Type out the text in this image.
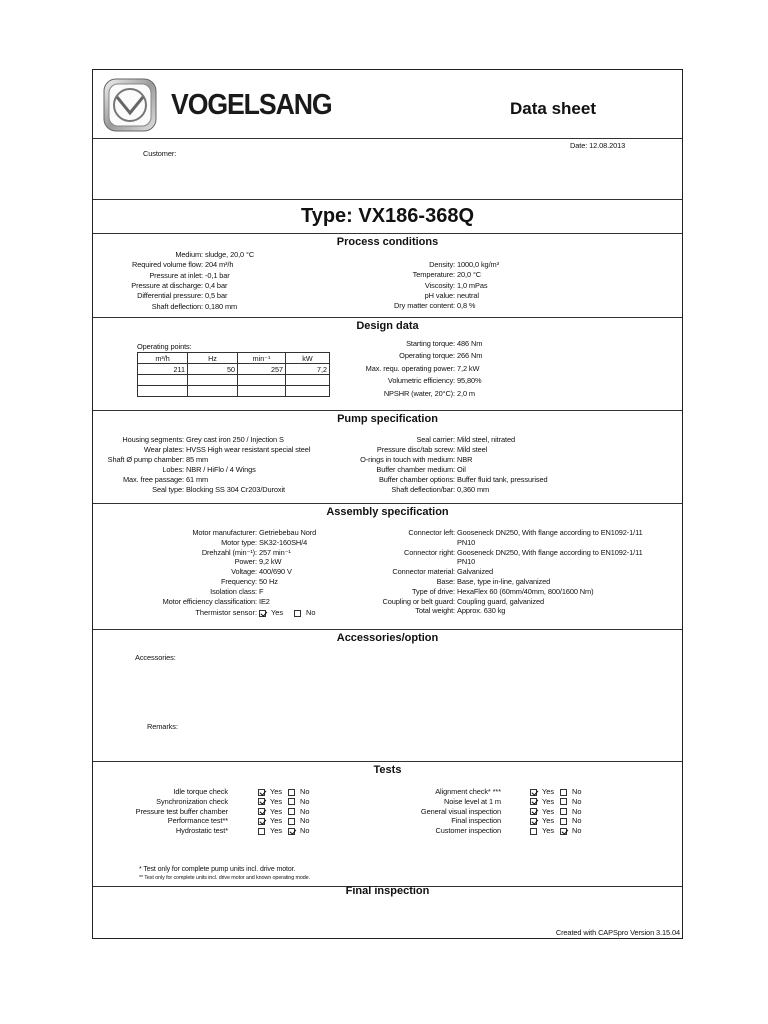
VOGELSANG	Data sheet
Date: 12.08.2013
Customer:
Type: VX186-368Q
Process conditions
Medium: sludge, 20,0 °C
Required volume flow: 204 m³/h
Pressure at inlet: -0,1 bar
Pressure at discharge: 0,4 bar
Differential pressure: 0,5 bar
Shaft deflection: 0,180 mm
Density: 1000,0 kg/m³
Temperature: 20,0 °C
Viscosity: 1,0 mPas
pH value: neutral
Dry matter content: 0,8 %
Design data
Operating points:
m³/h	Hz	min⁻¹	kW
211	50	257	7,2

Starting torque: 486 Nm
Operating torque: 266 Nm
Max. requ. operating power: 7,2 kW
Volumetric efficiency: 95,80%
NPSHR (water, 20°C): 2,0 m
Pump specification
Housing segments: Grey cast iron 250 / Injection S
Wear plates: HVSS High wear resistant special steel
Shaft Ø pump chamber: 85 mm
Lobes: NBR / HiFlo / 4 Wings
Max. free passage: 61 mm
Seal type: Blocking SS 304 Cr203/Duroxit
Seal carrier: Mild steel, nitrated
Pressure disc/tab screw: Mild steel
O-rings in touch with medium: NBR
Buffer chamber medium: Oil
Buffer chamber options: Buffer fluid tank, pressurised
Shaft deflection/bar: 0,360 mm
Assembly specification
Motor manufacturer: Getriebebau Nord
Motor type: SK32-160SH/4
Drehzahl (min⁻¹): 257 min⁻¹
Power: 9,2 kW
Voltage: 400/690 V
Frequency: 50 Hz
Isolation class: F
Motor efficiency classification: IE2
Thermistor sensor:	Yes	No
Connector left: Gooseneck DN250, With flange according to EN1092-1/11
PN10
Connector right: Gooseneck DN250, With flange according to EN1092-1/11
PN10
Connector material: Galvanized
Base: Base, type in-line, galvanized
Type of drive: HexaFlex 60 (60mm/40mm, 800/1600 Nm)
Coupling or belt guard: Coupling guard, galvanized
Total weight: Approx. 630 kg
Accessories/option
Accessories:
Remarks:
Tests
Idle torque check	Yes No
Synchronization check	Yes No
Pressure test buffer chamber	Yes No
Performance test**	Yes No
Hydrostatic test*	Yes No
Alignment check* ***	Yes No
Noise level at 1 m	Yes No
General visual inspection	Yes No
Final inspection	Yes No
Customer inspection	Yes No
* Test only for complete pump units incl. drive motor.
** Test only for complete units incl. drive motor and known operating mode.
Final inspection
Created with CAPSpro Version 3.15.04
